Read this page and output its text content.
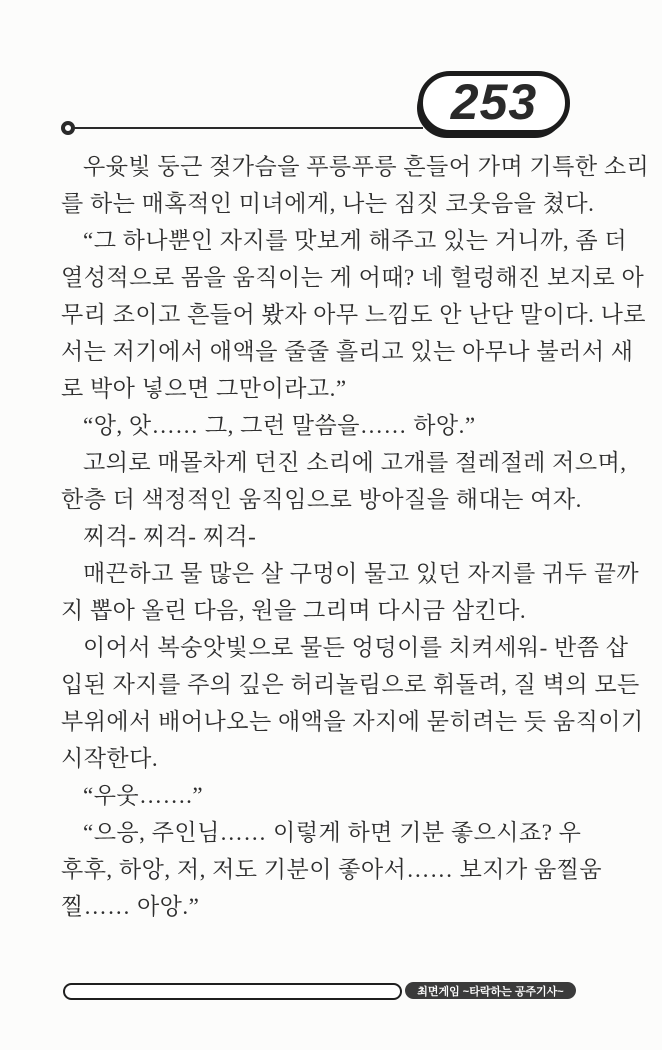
253
우윳빛 둥근 젖가슴을 푸릉푸릉 흔들어 가며 기특한 소리
를 하는 매혹적인 미녀에게, 나는 짐짓 코웃음을 쳤다.
“그 하나뿐인 자지를 맛보게 해주고 있는 거니까, 좀 더
열성적으로 몸을 움직이는 게 어때? 네 헐렁해진 보지로 아
무리 조이고 흔들어 봤자 아무 느낌도 안 난단 말이다. 나로
서는 저기에서 애액을 줄줄 흘리고 있는 아무나 불러서 새
로 박아 넣으면 그만이라고.”
“앙, 앗…… 그, 그런 말씀을…… 하앙.”
고의로 매몰차게 던진 소리에 고개를 절레절레 저으며,
한층 더 색정적인 움직임으로 방아질을 해대는 여자.
찌걱- 찌걱- 찌걱-
매끈하고 물 많은 살 구멍이 물고 있던 자지를 귀두 끝까
지 뽑아 올린 다음, 원을 그리며 다시금 삼킨다.
이어서 복숭앗빛으로 물든 엉덩이를 치켜세워- 반쯤 삽
입된 자지를 주의 깊은 허리놀림으로 휘돌려, 질 벽의 모든
부위에서 배어나오는 애액을 자지에 묻히려는 듯 움직이기
시작한다.
“우웃…….”
“으응, 주인님…… 이렇게 하면 기분 좋으시죠? 우
후후, 하앙, 저, 저도 기분이 좋아서…… 보지가 움찔움
찔…… 아앙.”
최면게임 ~타락하는 공주기사~
